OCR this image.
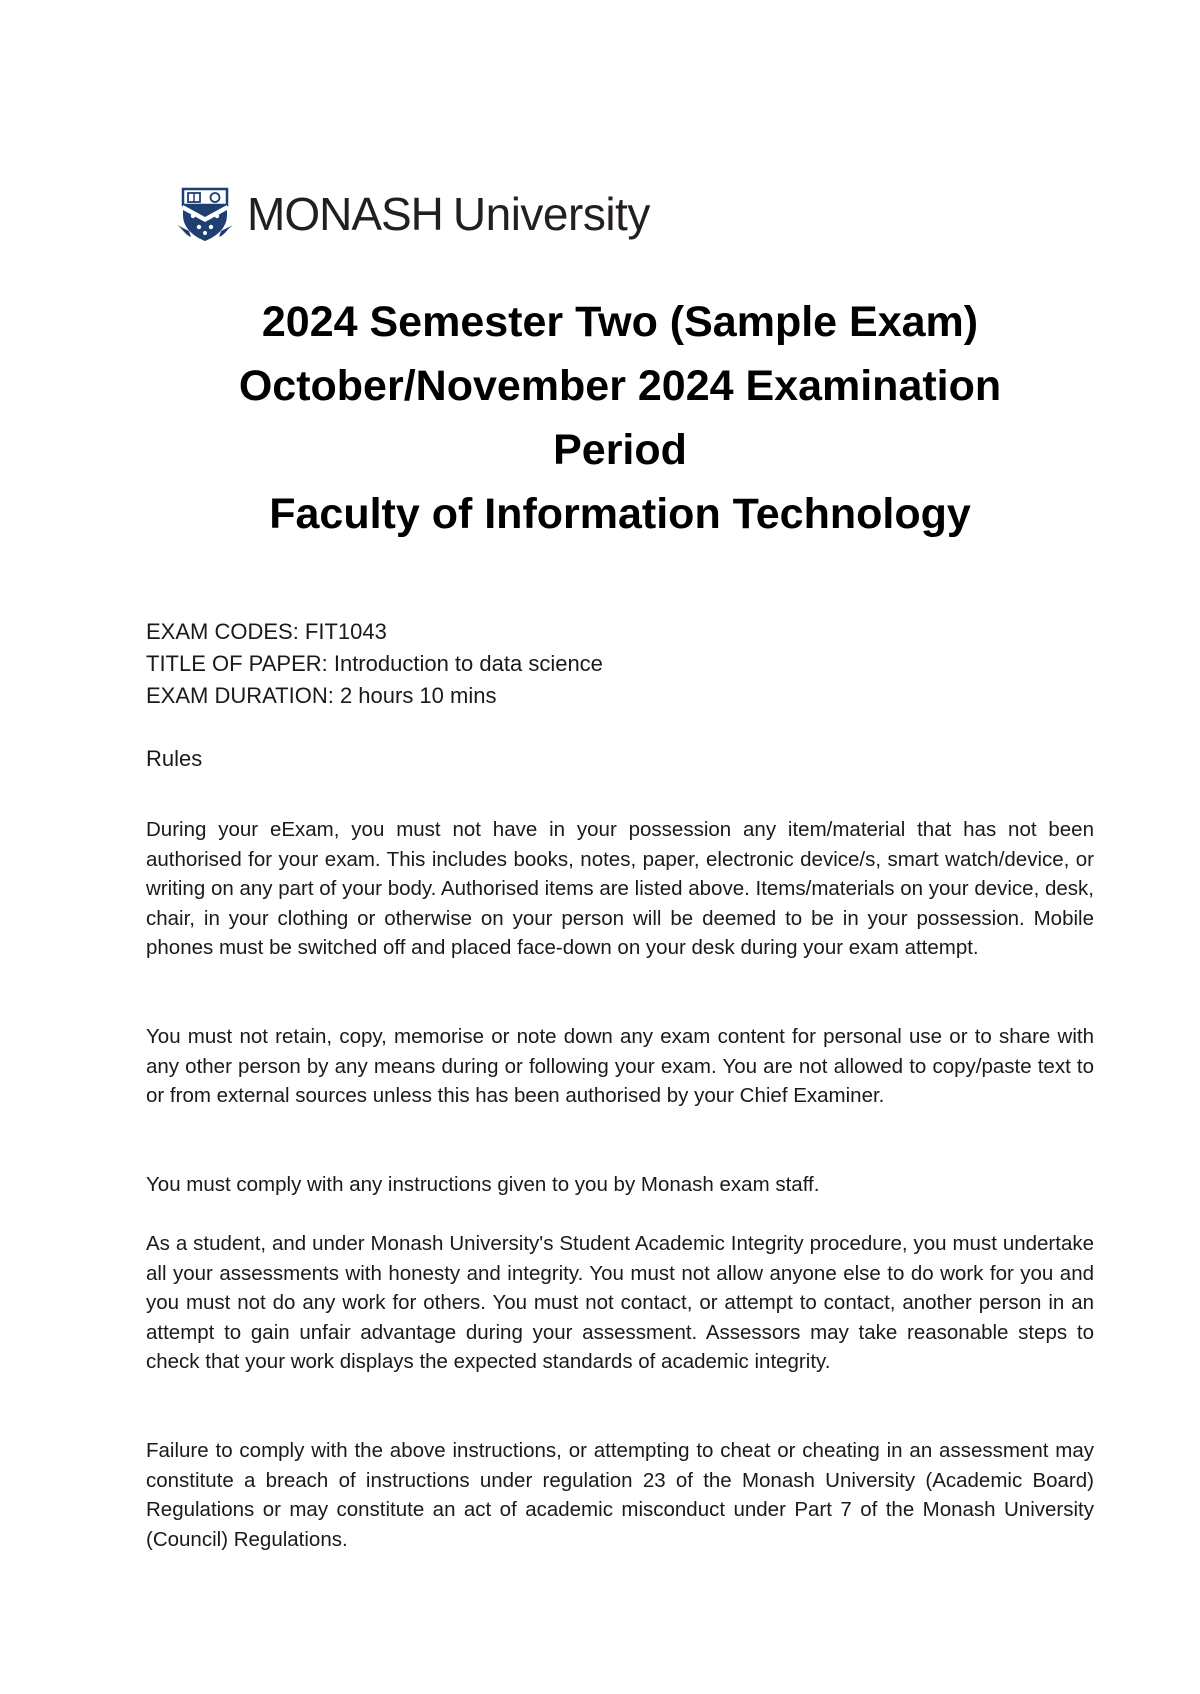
MONASH University
2024 Semester Two (Sample Exam)
October/November 2024 Examination
Period
Faculty of Information Technology
EXAM CODES: FIT1043
TITLE OF PAPER: Introduction to data science
EXAM DURATION: 2 hours 10 mins
Rules
During your eExam, you must not have in your possession any item/material that has not been authorised for your exam. This includes books, notes, paper, electronic device/s, smart watch/device, or writing on any part of your body. Authorised items are listed above. Items/materials on your device, desk, chair, in your clothing or otherwise on your person will be deemed to be in your possession. Mobile phones must be switched off and placed face-down on your desk during your exam attempt.
You must not retain, copy, memorise or note down any exam content for personal use or to share with any other person by any means during or following your exam. You are not allowed to copy/paste text to or from external sources unless this has been authorised by your Chief Examiner.
You must comply with any instructions given to you by Monash exam staff.
As a student, and under Monash University's Student Academic Integrity procedure, you must undertake all your assessments with honesty and integrity. You must not allow anyone else to do work for you and you must not do any work for others. You must not contact, or attempt to contact, another person in an attempt to gain unfair advantage during your assessment. Assessors may take reasonable steps to check that your work displays the expected standards of academic integrity.
Failure to comply with the above instructions, or attempting to cheat or cheating in an assessment may constitute a breach of instructions under regulation 23 of the Monash University (Academic Board) Regulations or may constitute an act of academic misconduct under Part 7 of the Monash University (Council) Regulations.
